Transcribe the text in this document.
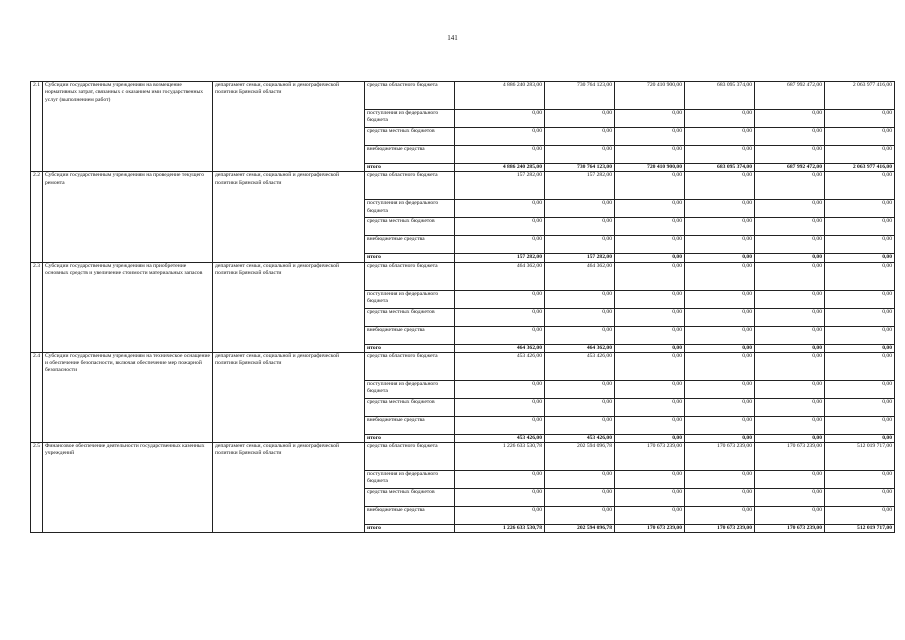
141
2.1	Субсидии государственным учреждениям на возмещение нормативных затрат, связанных с оказанием ими государственных услуг (выполнением работ)	департамент семьи, социальной и демографической политики Брянской области	средства областного бюджета	4 886 240 283,00	730 764 123,00	720 410 900,00	683 095 374,00	687 992 472,00	2 063 977 416,00
			поступления из федерального бюджета	0,00	0,00	0,00	0,00	0,00	0,00
			средства местных бюджетов	0,00	0,00	0,00	0,00	0,00	0,00
			внебюджетные средства	0,00	0,00	0,00	0,00	0,00	0,00
			итого	4 886 240 285,00	730 764 123,00	720 410 900,00	683 095 374,00	687 992 472,00	2 063 977 416,00
2.2	Субсидии государственным учреждениям на проведение текущего ремонта	департамент семьи, социальной и демографической политики Брянской области	средства областного бюджета	157 282,00	157 282,00	0,00	0,00	0,00	0,00
			поступления из федерального бюджета	0,00	0,00	0,00	0,00	0,00	0,00
			средства местных бюджетов	0,00	0,00	0,00	0,00	0,00	0,00
			внебюджетные средства	0,00	0,00	0,00	0,00	0,00	0,00
			итого	157 282,00	157 282,00	0,00	0,00	0,00	0,00
2.3	Субсидии государственным учреждениям на приобретение основных средств и увеличение стоимости материальных запасов	департамент семьи, социальной и демографической политики Брянской области	средства областного бюджета	464 362,00	464 362,00	0,00	0,00	0,00	0,00
			поступления из федерального бюджета	0,00	0,00	0,00	0,00	0,00	0,00
			средства местных бюджетов	0,00	0,00	0,00	0,00	0,00	0,00
			внебюджетные средства	0,00	0,00	0,00	0,00	0,00	0,00
			итого	464 362,00	464 362,00	0,00	0,00	0,00	0,00
2.4	Субсидии государственным учреждениям на техническое оснащение и обеспечение безопасности, включая обеспечение мер пожарной безопасности	департамент семьи, социальной и демографической политики Брянской области	средства областного бюджета	453 426,00	453 426,00	0,00	0,00	0,00	0,00
			поступления из федерального бюджета	0,00	0,00	0,00	0,00	0,00	0,00
			средства местных бюджетов	0,00	0,00	0,00	0,00	0,00	0,00
			внебюджетные средства	0,00	0,00	0,00	0,00	0,00	0,00
			итого	453 426,00	453 426,00	0,00	0,00	0,00	0,00
2.5	Финансовое обеспечение деятельности государственных казенных учреждений	департамент семьи, социальной и демографической политики Брянской области	средства областного бюджета	1 226 633 530,78	202 594 096,78	170 673 239,00	170 673 239,00	170 673 239,00	512 019 717,00
			поступления из федерального бюджета	0,00	0,00	0,00	0,00	0,00	0,00
			средства местных бюджетов	0,00	0,00	0,00	0,00	0,00	0,00
			внебюджетные средства	0,00	0,00	0,00	0,00	0,00	0,00
			итого	1 226 633 530,78	202 594 096,78	170 673 239,00	170 673 239,00	170 673 239,00	512 019 717,00
